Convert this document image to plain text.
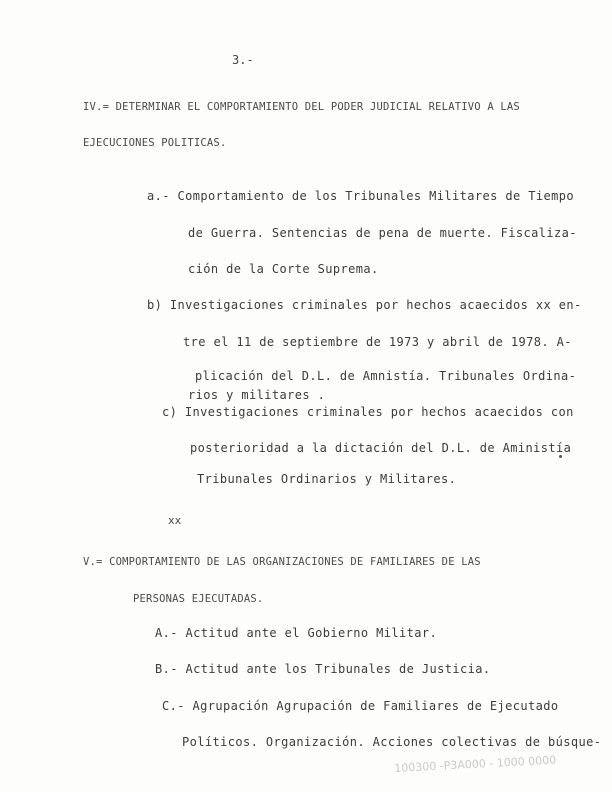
3.-
IV.= DETERMINAR EL COMPORTAMIENTO DEL PODER JUDICIAL RELATIVO A LAS
EJECUCIONES POLITICAS.
a.- Comportamiento de los Tribunales Militares de Tiempo
de Guerra. Sentencias de pena de muerte. Fiscaliza-
ción de la Corte Suprema.
b) Investigaciones criminales por hechos acaecidos xx en-
tre el 11 de septiembre de 1973 y abril de 1978. A-
plicación del D.L. de Amnistía. Tribunales Ordina-
rios y militares .
c) Investigaciones criminales por hechos acaecidos con
posterioridad a la dictación del D.L. de Aministía
Tribunales Ordinarios y Militares.
xx
V.= COMPORTAMIENTO DE LAS ORGANIZACIONES DE FAMILIARES DE LAS
PERSONAS EJECUTADAS.
A.- Actitud ante el Gobierno Militar.
B.- Actitud ante los Tribunales de Justicia.
C.- Agrupación Agrupación de Familiares de Ejecutado
Políticos. Organización. Acciones colectivas de búsque-
100300 -P3A000 - 1000 0000
